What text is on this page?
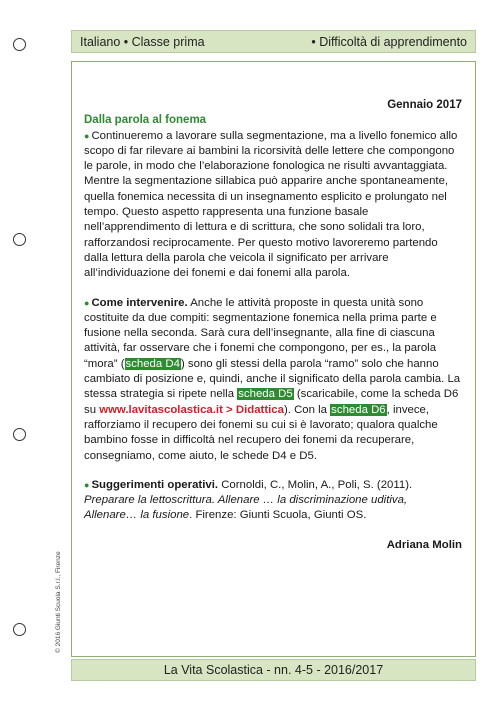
Italiano • Classe prima	• Difficoltà di apprendimento
© 2016 Giunti Scuola S.r.l., Firenze
Gennaio 2017
Dalla parola al fonema

● Continueremo a lavorare sulla segmentazione, ma a livello fonemico allo scopo di far rilevare ai bambini la ricorsività delle lettere che compongono le parole, in modo che l’elaborazione fonologica ne risulti avvantaggiata. Mentre la segmentazione sillabica può apparire anche spontaneamente, quella fonemica necessita di un insegnamento esplicito e prolungato nel tempo. Questo aspetto rappresenta una funzione basale nell’apprendimento di lettura e di scrittura, che sono solidali tra loro, rafforzandosi reciprocamente. Per questo motivo lavoreremo partendo dalla lettura della parola che veicola il significato per arrivare all’individuazione dei fonemi e dai fonemi alla parola.

● Come intervenire. Anche le attività proposte in questa unità sono costituite da due compiti: segmentazione fonemica nella prima parte e fusione nella seconda. Sarà cura dell’insegnante, alla fine di ciascuna attività, far osservare che i fonemi che compongono, per es., la parola “mora” (scheda D4) sono gli stessi della parola “ramo” solo che hanno cambiato di posizione e, quindi, anche il significato della parola cambia. La stessa strategia si ripete nella scheda D5 (scaricabile, come la scheda D6 su www.lavitascolastica.it > Didattica). Con la scheda D6, invece, rafforziamo il recupero dei fonemi su cui si è lavorato; qualora qualche bambino fosse in difficoltà nel recupero dei fonemi da recuperare, consegniamo, come aiuto, le schede D4 e D5.

● Suggerimenti operativi. Cornoldi, C., Molin, A., Poli, S. (2011). Preparare la lettoscrittura. Allenare … la discriminazione uditiva, Allenare… la fusione. Firenze: Giunti Scuola, Giunti OS.

Adriana Molin
La Vita Scolastica - nn. 4-5 - 2016/2017
